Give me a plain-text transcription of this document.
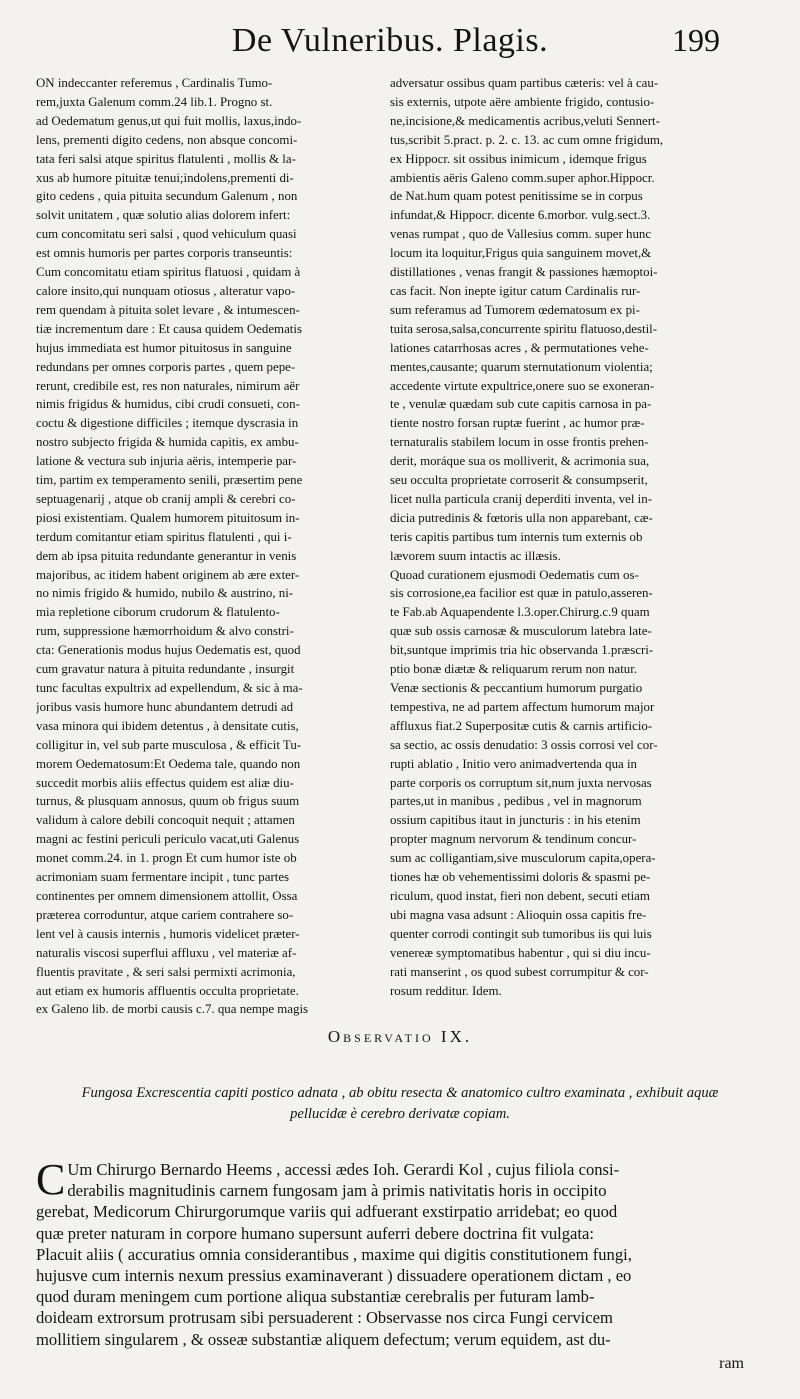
De Vulneribus. Plagis.	199
ON indeccanter referemus , Cardinalis Tumo-
rem,juxta Galenum comm.24 lib.1. Progno st.
ad Oedematum genus,ut qui fuit mollis, laxus,indo-
lens, prementi digito cedens, non absque concomi-
tata feri salsi atque spiritus flatulenti , mollis & la-
xus ab humore pituitæ tenui;indolens,prementi di-
gito cedens , quia pituita secundum Galenum , non
solvit unitatem , quæ solutio alias dolorem infert:
cum concomitatu seri salsi , quod vehiculum quasi
est omnis humoris per partes corporis transeuntis:
Cum concomitatu etiam spiritus flatuosi , quidam à
calore insito,qui nunquam otiosus , alteratur vapo-
rem quendam à pituita solet levare , & intumescen-
tiæ incrementum dare : Et causa quidem Oedematis
hujus immediata est humor pituitosus in sanguine
redundans per omnes corporis partes , quem pepe-
rerunt, credibile est, res non naturales, nimirum aër
nimis frigidus & humidus, cibi crudi consueti, con-
coctu & digestione difficiles ; itemque dyscrasia in
nostro subjecto frigida & humida capitis, ex ambu-
latione & vectura sub injuria aëris, intemperie par-
tim, partim ex temperamento senili, præsertim pene
septuagenarij , atque ob cranij ampli & cerebri co-
piosi existentiam. Qualem humorem pituitosum in-
terdum comitantur etiam spiritus flatulenti , qui i-
dem ab ipsa pituita redundante generantur in venis
majoribus, ac itidem habent originem ab ære exter-
no nimis frigido & humido, nubilo & austrino, ni-
mia repletione ciborum crudorum & flatulento-
rum, suppressione hæmorrhoidum & alvo constri-
cta: Generationis modus hujus Oedematis est, quod
cum gravatur natura à pituita redundante , insurgit
tunc facultas expultrix ad expellendum, & sic à ma-
joribus vasis humore hunc abundantem detrudi ad
vasa minora qui ibidem detentus , à densitate cutis,
colligitur in, vel sub parte musculosa , & efficit Tu-
morem Oedematosum:Et Oedema tale, quando non
succedit morbis aliis effectus quidem est aliæ diu-
turnus, & plusquam annosus, quum ob frigus suum
validum à calore debili concoquit nequit ; attamen
magni ac festini periculi periculo vacat,uti Galenus
monet comm.24. in 1. progn Et cum humor iste ob
acrimoniam suam fermentare incipit , tunc partes
continentes per omnem dimensionem attollit, Ossa
præterea corroduntur, atque cariem contrahere so-
lent vel à causis internis , humoris videlicet præter-
naturalis viscosi superflui affluxu , vel materiæ af-
fluentis pravitate , & seri salsi permixti acrimonia,
aut etiam ex humoris affluentis occulta proprietate.
ex Galeno lib. de morbi causis c.7. qua nempe magis
adversatur ossibus quam partibus cæteris: vel à cau-
sis externis, utpote aëre ambiente frigido, contusio-
ne,incisione,& medicamentis acribus,veluti Sennert-
tus,scribit 5.pract. p. 2. c. 13. ac cum omne frigidum,
ex Hippocr. sit ossibus inimicum , idemque frigus
ambientis aëris Galeno comm.super aphor.Hippocr.
de Nat.hum quam potest penitissime se in corpus
infundat,& Hippocr. dicente 6.morbor. vulg.sect.3.
venas rumpat , quo de Vallesius comm. super hunc
locum ita loquitur,Frigus quia sanguinem movet,&
distillationes , venas frangit & passiones hæmoptoi-
cas facit. Non inepte igitur catum Cardinalis rur-
sum referamus ad Tumorem œdematosum ex pi-
tuita serosa,salsa,concurrente spiritu flatuoso,destil-
lationes catarrhosas acres , & permutationes vehe-
mentes,causante; quarum sternutationum violentia;
accedente virtute expultrice,onere suo se exoneran-
te , venulæ quædam sub cute capitis carnosa in pa-
tiente nostro forsan ruptæ fuerint , ac humor præ-
ternaturalis stabilem locum in osse frontis prehen-
derit, moráque sua os molliverit, & acrimonia sua,
seu occulta proprietate corroserit & consumpserit,
licet nulla particula cranij deperditi inventa, vel in-
dicia putredinis & fœtoris ulla non apparebant, cæ-
teris capitis partibus tum internis tum externis ob
lævorem suum intactis ac illæsis.
Quoad curationem ejusmodi Oedematis cum os-
sis corrosione,ea facilior est quæ in patulo,asseren-
te Fab.ab Aquapendente l.3.oper.Chirurg.c.9 quam
quæ sub ossis carnosæ & musculorum latebra late-
bit,suntque imprimis tria hic observanda 1.præscri-
ptio bonæ diætæ & reliquarum rerum non natur.
Venæ sectionis & peccantium humorum purgatio
tempestiva, ne ad partem affectum humorum major
affluxus fiat.2 Superpositæ cutis & carnis artificio-
sa sectio, ac ossis denudatio: 3 ossis corrosi vel cor-
rupti ablatio , Initio vero animadvertenda qua in
parte corporis os corruptum sit,num juxta nervosas
partes,ut in manibus , pedibus , vel in magnorum
ossium capitibus itaut in juncturis : in his etenim
propter magnum nervorum & tendinum concur-
sum ac colligantiam,sive musculorum capita,opera-
tiones hæ ob vehementissimi doloris & spasmi pe-
riculum, quod instat, fieri non debent, secuti etiam
ubi magna vasa adsunt : Alioquin ossa capitis fre-
quenter corrodi contingit sub tumoribus iis qui luis
venereæ symptomatibus habentur , qui si diu incu-
rati manserint , os quod subest corrumpitur & cor-
rosum redditur. Idem.
Observatio IX.
Fungosa Excrescentia capiti postico adnata , ab obitu resecta & anatomico cultro examinata , exhibuit aquæ pellucidæ è cerebro derivatæ copiam.
C Um Chirurgo Bernardo Heems , accessi ædes Ioh. Gerardi Kol , cujus filiola consi-
derabilis magnitudinis carnem fungosam jam à primis nativitatis horis in occipito
gerebat, Medicorum Chirurgorumque variis qui adfuerant exstirpatio arridebat; eo quod
quæ preter naturam in corpore humano supersunt auferri debere doctrina fit vulgata:
Placuit aliis ( accuratius omnia considerantibus , maxime qui digitis constitutionem fungi,
hujusve cum internis nexum pressius examinaverant ) dissuadere operationem dictam , eo
quod duram meningem cum portione aliqua substantiæ cerebralis per futuram lamb-
doideam extrorsum protrusam sibi persuaderent : Observasse nos circa Fungi cervicem
mollitiem singularem , & osseæ substantiæ aliquem defectum; verum equidem, ast du-
ram
